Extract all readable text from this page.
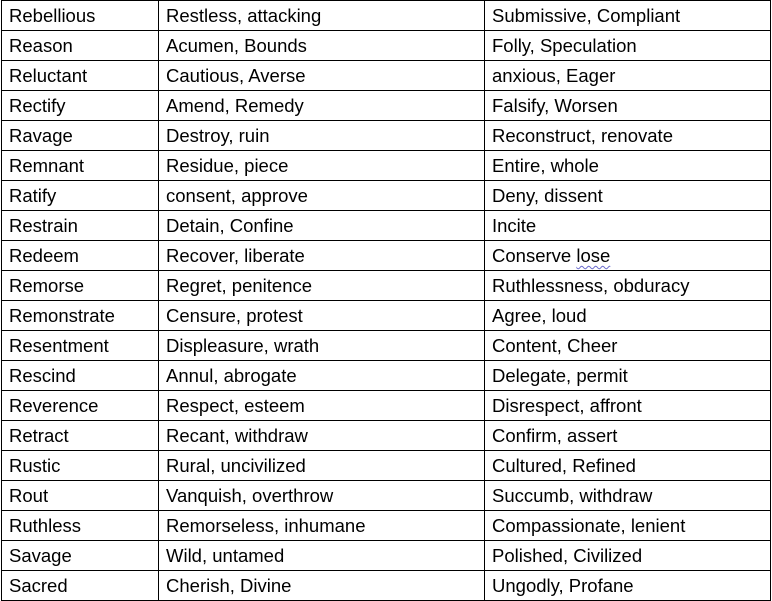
Rebellious	Restless, attacking	Submissive, Compliant
Reason	Acumen, Bounds	Folly, Speculation
Reluctant	Cautious, Averse	anxious, Eager
Rectify	Amend, Remedy	Falsify, Worsen
Ravage	Destroy, ruin	Reconstruct, renovate
Remnant	Residue, piece	Entire, whole
Ratify	consent, approve	Deny, dissent
Restrain	Detain, Confine	Incite
Redeem	Recover, liberate	Conserve lose
Remorse	Regret, penitence	Ruthlessness, obduracy
Remonstrate	Censure, protest	Agree, loud
Resentment	Displeasure, wrath	Content, Cheer
Rescind	Annul, abrogate	Delegate, permit
Reverence	Respect, esteem	Disrespect, affront
Retract	Recant, withdraw	Confirm, assert
Rustic	Rural, uncivilized	Cultured, Refined
Rout	Vanquish, overthrow	Succumb, withdraw
Ruthless	Remorseless, inhumane	Compassionate, lenient
Savage	Wild, untamed	Polished, Civilized
Sacred	Cherish, Divine	Ungodly, Profane
